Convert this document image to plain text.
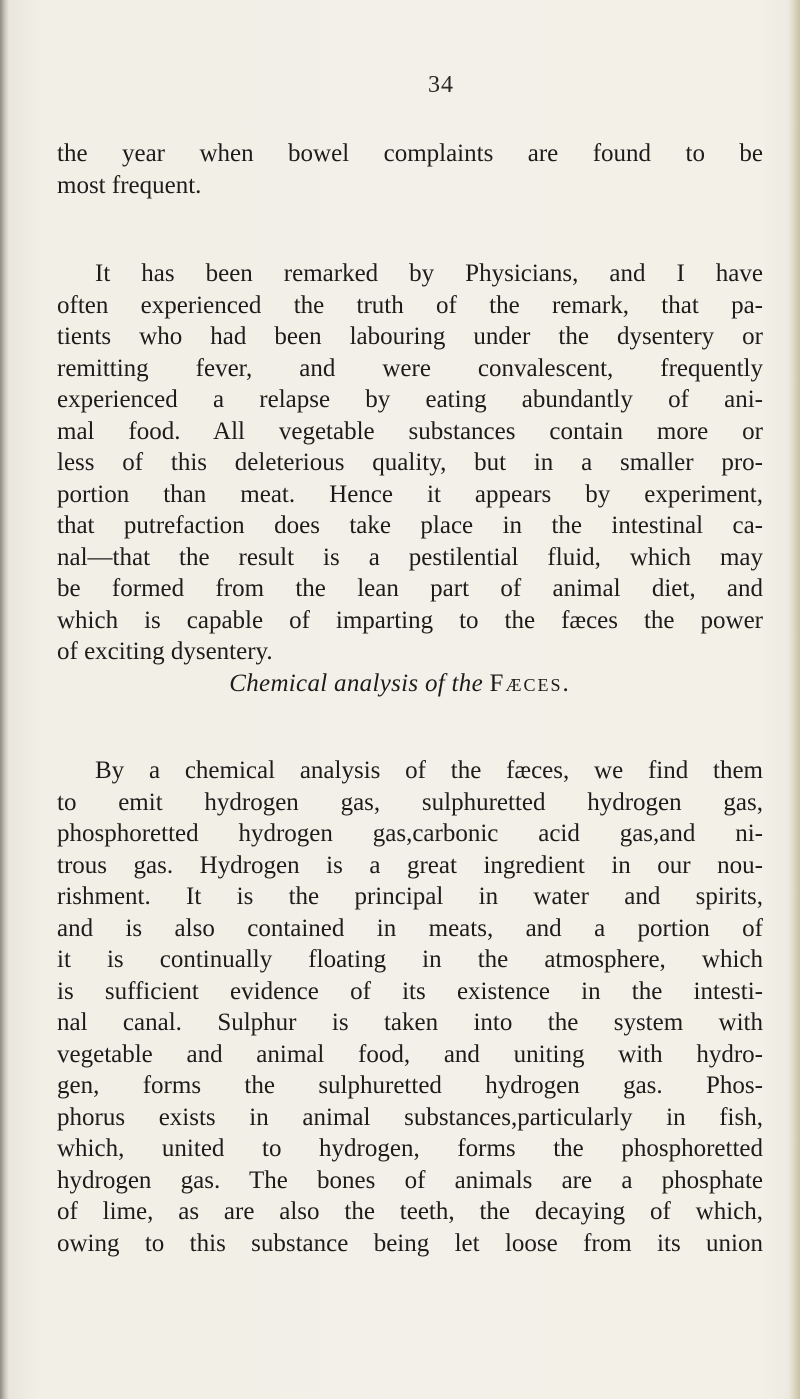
34
the year when bowel complaints are found to be
most frequent.
It has been remarked by Physicians, and I have
often experienced the truth of the remark, that pa-
tients who had been labouring under the dysentery or
remitting fever, and were convalescent, frequently
experienced a relapse by eating abundantly of ani-
mal food. All vegetable substances contain more or
less of this deleterious quality, but in a smaller pro-
portion than meat. Hence it appears by experiment,
that putrefaction does take place in the intestinal ca-
nal—that the result is a pestilential fluid, which may
be formed from the lean part of animal diet, and
which is capable of imparting to the fæces the power
of exciting dysentery.
Chemical analysis of the Fæces.
By a chemical analysis of the fæces, we find them
to emit hydrogen gas, sulphuretted hydrogen gas,
phosphoretted hydrogen gas,carbonic acid gas,and ni-
trous gas. Hydrogen is a great ingredient in our nou-
rishment. It is the principal in water and spirits,
and is also contained in meats, and a portion of
it is continually floating in the atmosphere, which
is sufficient evidence of its existence in the intesti-
nal canal. Sulphur is taken into the system with
vegetable and animal food, and uniting with hydro-
gen, forms the sulphuretted hydrogen gas. Phos-
phorus exists in animal substances,particularly in fish,
which, united to hydrogen, forms the phosphoretted
hydrogen gas. The bones of animals are a phosphate
of lime, as are also the teeth, the decaying of which,
owing to this substance being let loose from its union
